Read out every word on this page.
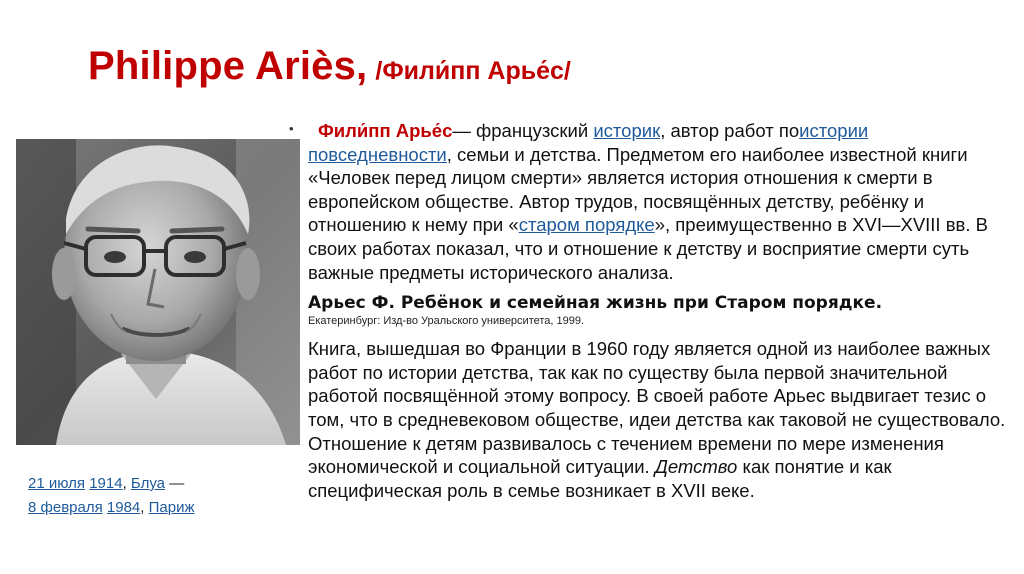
Philippe Ariès, /Фили́пп Арье́с/
21 июля 1914, Блуа —
8 февраля 1984, Париж
•	Фили́пп Арье́с— французский историк, автор работ поистории повседневности, семьи и детства. Предметом его наиболее известной книги «Человек перед лицом смерти» является история отношения к смерти в европейском обществе. Автор трудов, посвящённых детству, ребёнку и отношению к нему при «старом порядке», преимущественно в XVI—XVIII вв. В своих работах показал, что и отношение к детству и восприятие смерти суть важные предметы исторического анализа.

Арьес Ф. Ребёнок и семейная жизнь при Старом порядке.

Екатеринбург: Изд-во Уральского университета, 1999.

Книга, вышедшая во Франции в 1960 году является одной из наиболее важных работ по истории детства, так как по существу была первой значительной работой посвящённой этому вопросу. В своей работе Арьес выдвигает тезис о том, что в средневековом обществе, идеи детства как таковой не существовало. Отношение к детям развивалось с течением времени по мере изменения экономической и социальной ситуации. Детство как понятие и как специфическая роль в семье возникает в XVII веке.
